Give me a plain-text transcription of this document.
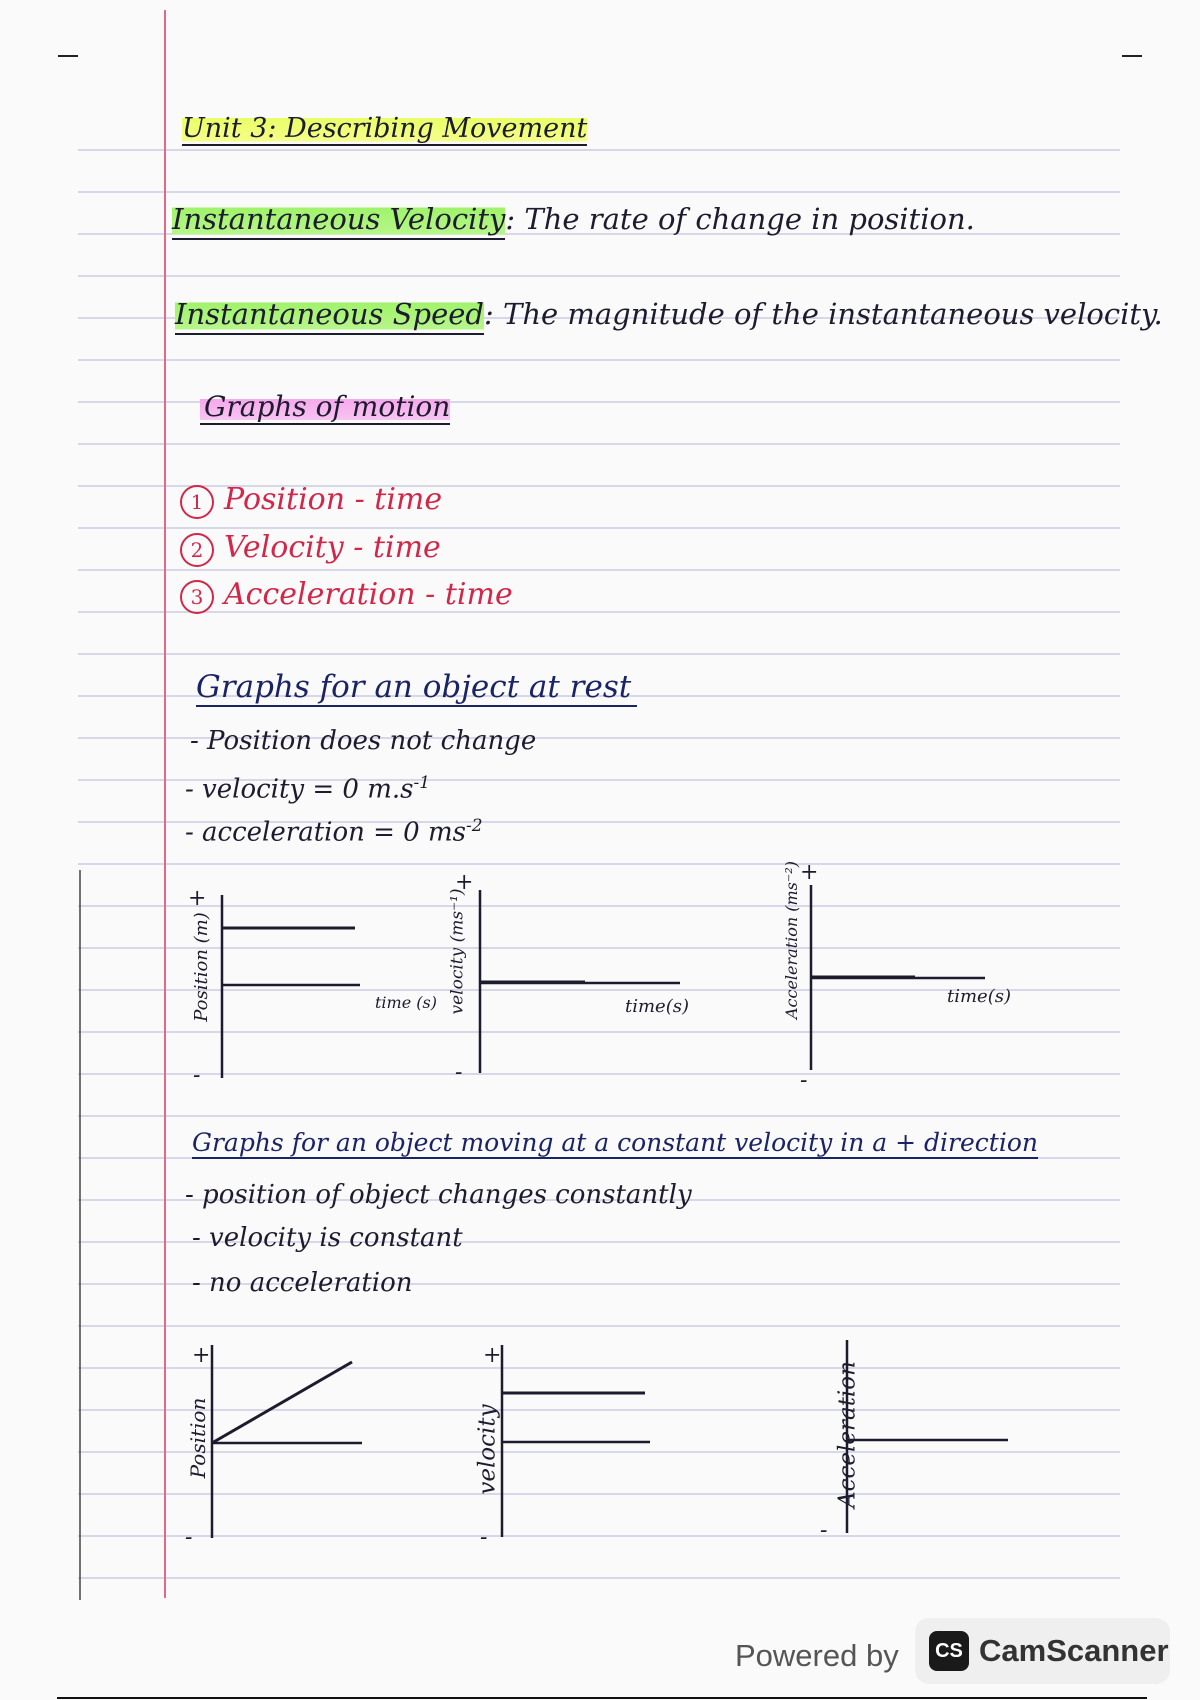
Unit 3: Describing Movement
Instantaneous Velocity: The rate of change in position.
Instantaneous Speed: The magnitude of the instantaneous velocity.
Graphs of motion
1 Position - time
2 Velocity - time
3 Acceleration - time
Graphs for an object at rest
- Position does not change
- velocity = 0 $m.s^{-1}$
- acceleration = 0 $ms^{-2}$
+
-
Position (m)	time (s)
+
-
velocity (ms⁻¹)	time(s)
+
-
Acceleration (ms⁻²)	time(s)
Graphs for an object moving at a constant velocity in a + direction
- position of object changes constantly
- velocity is constant
- no acceleration
+
-
Position
+
-
velocity	Acceleration
-
Powered by	CS CamScanner
